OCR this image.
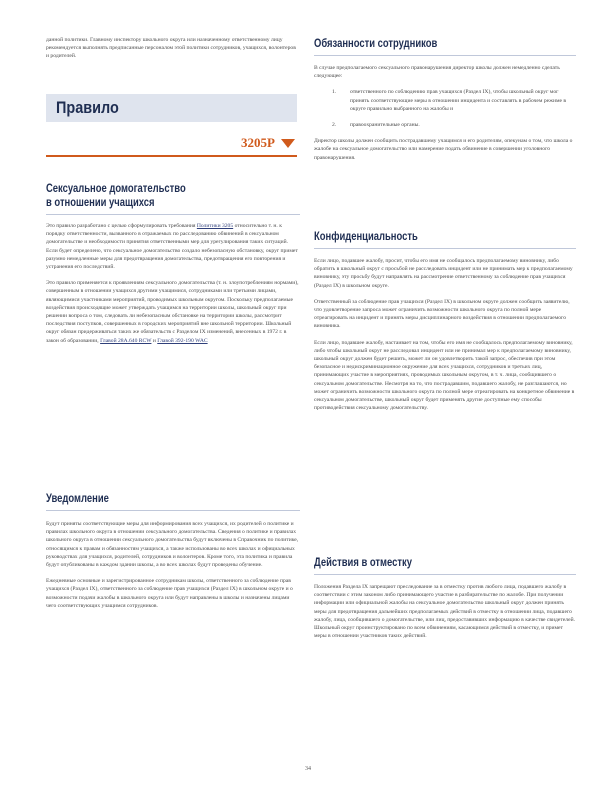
данной политики. Главному инспектору школьного округа или назначенному ответственному лицу рекомендуется выполнять предписанные персоналом этой политики сотрудников, учащихся, волонтеров и родителей.

Правило
3205Р
Сексуальное домогательство
в отношении учащихся

Это правило разработано с целью сформулировать требования Политики 3205 относительно т. н. к порядку ответственности, вызванного в отражаемых по расследованию обвинений в сексуальном домогательстве и необходимости принятия ответственными мер для урегулирования таких ситуаций. Если будет определено, что сексуальное домогательство создало небезопасную обстановку, округ примет разумно немедленные меры для предотвращения домогательства, предотвращения его повторения и устранения его последствий.

Это правило применяется к проявлениям сексуального домогательства (т. н. злоупотреблениям нормами), совершенным в отношении учащихся другими учащимися, сотрудниками или третьими лицами, являющимися участниками мероприятий, проводимых школьным округом. Поскольку предполагаемые воздействия происходящие может утверждать учащимся на территории школы, школьный округ при решении вопроса о том, следовать ли небезопасным обстановке на территории школы, рассмотрит последствия поступков, совершенных в городских мероприятий вне школьной территории. Школьный округ обязан придерживаться таких же обязательств с Разделом IX изменений, внесенных в 1972 г. в закон об образовании, Главой 28А.640 RCW и Главой 392-190 WAC

Уведомление

Будут приняты соответствующие меры для информирования всех учащихся, их родителей о политике и правилах школьного округа в отношении сексуального домогательства. Сведения о политике и правилах школьного округа в отношении сексуального домогательства будут включены в Справочник по политике, относящимся к правам и обязанностям учащихся, а также использованы во всех школах и официальных руководствах для учащихся, родителей, сотрудников и волонтеров. Кроме того, эта политика и правила будут опубликованы в каждом здании школы, а во всех школах будут проведены обучение.

Ежедневные основные и зарегистрированное сотрудникам школы, ответственного за соблюдение прав учащихся (Раздел IX), ответственного за соблюдение прав учащихся (Раздел IX) в школьном округе и о возможности подачи жалобы в школьного округа или будут направлены в школы и назначены лицами чего соответствующих учащимся сотрудников.

Обязанности сотрудников

В случае предполагаемого сексуального правонарушения директор школы должен немедленно сделать следующее:

1. ответственного по соблюдению прав учащихся (Раздел IX), чтобы школьный округ мог принять соответствующие меры в отношении инцидента и составлять в рабочем режиме в округе правильно выбранного на жалобы и
2. правоохранительные органы.

Директор школы должен сообщить пострадавшему учащимся и его родителям, опекунам о том, что школа о жалобе на сексуальное домогательство или намерение подать обвинение в совершении уголовного правонарушения.

Конфиденциальность

Если лицо, подавшее жалобу, просит, чтобы его имя не сообщалось предполагаемому виновнику, либо обратить в школьный округ с просьбой не расследовать инцидент или не принимать мер к предполагаемому виновнику, эту просьбу будут направлять на рассмотрение ответственному за соблюдение прав учащихся (Раздел IX) в школьном округе.

Ответственный за соблюдение прав учащихся (Раздел IX) в школьном округе должен сообщить заявителю, что удовлетворение запроса может ограничить возможности школьного округа по полной мере отреагировать на инцидент и принять меры дисциплинарного воздействия в отношении предполагаемого виновника.

Если лицо, подавшее жалобу, настаивает на том, чтобы его имя не сообщалось предполагаемому виновнику, либо чтобы школьный округ не расследовал инцидент или не принимал мер к предполагаемому виновнику, школьный округ должен будет решить, может ли он удовлетворить такой запрос, обеспечив при этом безопасное и недискриминационное окружение для всех учащихся, сотрудников и третьих лиц, принимающих участие в мероприятиях, проводимых школьным округом, в т. ч. лица, сообщившего о сексуальном домогательстве. Несмотря на то, что пострадавшим, подавшего жалобу, не разглашаются, но может ограничить возможности школьного округа по полной мере отреагировать на конкретное обвинение в сексуальном домогательстве, школьный округ будет применять другие доступные ему способы противодействия сексуальному домогательству.

Действия в отместку

Положения Раздела IX запрещают преследование за в отместку против любого лица, подавшего жалобу в соответствии с этим законом либо принимающего участие в разбирательстве по жалобе. При получении информации или официальной жалобы на сексуальное домогательство школьный округ должен принять меры для предотвращения дальнейших предполагаемых действий в отместку в отношении лица, подавшего жалобу, лица, сообщившего о домогательстве, или лиц, предоставивших информацию в качестве свидетелей. Школьный округ проинструктировано по всем обвинениям, касающимся действий в отместку, и примет меры в отношении участников таких действий.

34
